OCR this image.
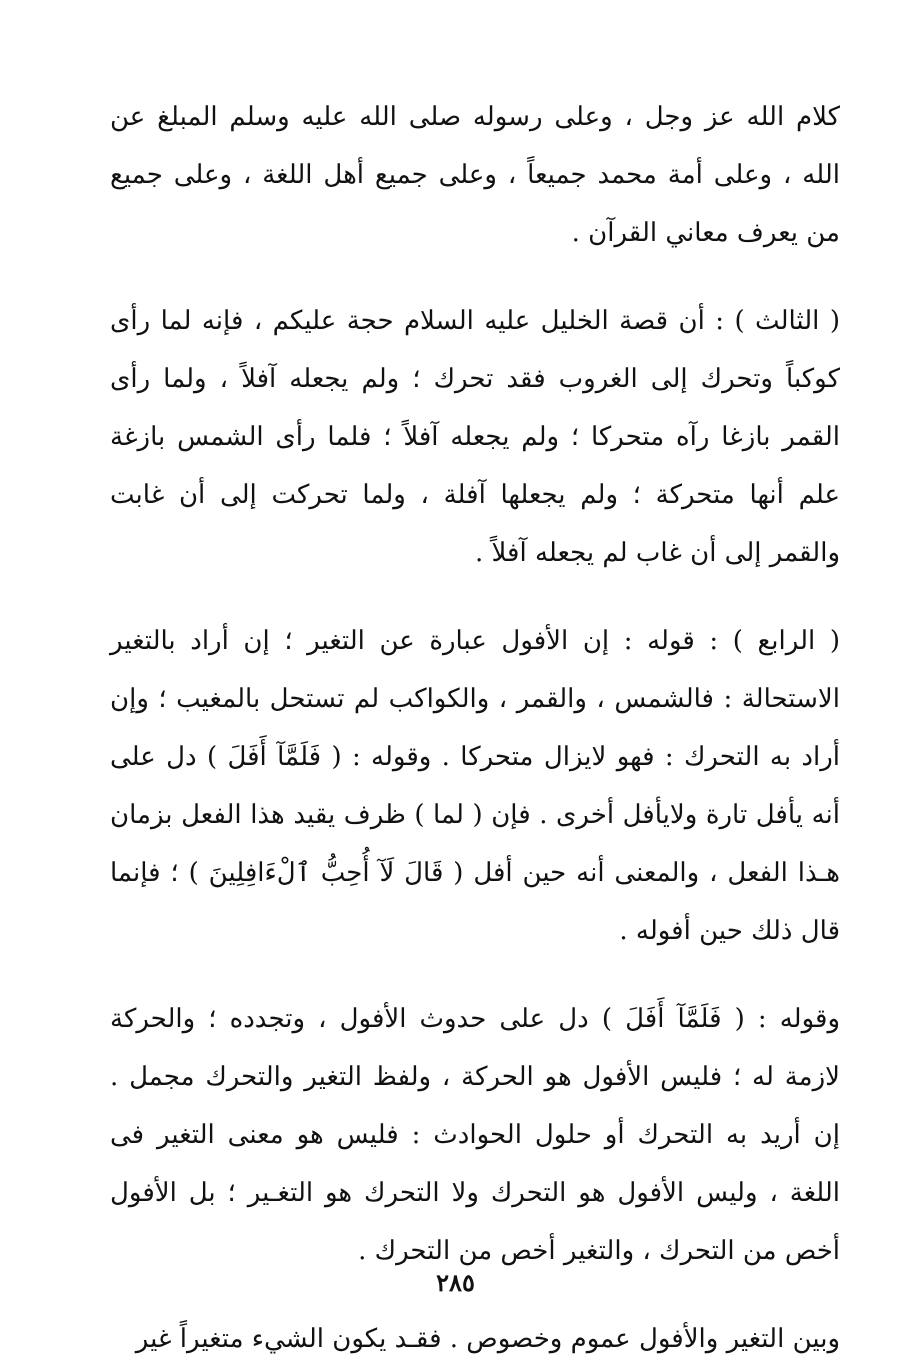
كلام الله عز وجل ، وعلى رسوله صلى الله عليه وسلم المبلغ عن الله ، وعلى أمة محمد جميعاً ، وعلى جميع أهل اللغة ، وعلى جميع من يعرف معاني القرآن .

( الثالث ) : أن قصة الخليل عليه السلام حجة عليكم ، فإنه لما رأى كوكباً وتحرك إلى الغروب فقد تحرك ؛ ولم يجعله آفلاً ، ولما رأى القمر بازغا رآه متحركا ؛ ولم يجعله آفلاً ؛ فلما رأى الشمس بازغة علم أنها متحركة ؛ ولم يجعلها آفلة ، ولما تحركت إلى أن غابت والقمر إلى أن غاب لم يجعله آفلاً .

( الرابع ) : قوله : إن الأفول عبارة عن التغير ؛ إن أراد بالتغير الاستحالة : فالشمس ، والقمر ، والكواكب لم تستحل بالمغيب ؛ وإن أراد به التحرك : فهو لايزال متحركا . وقوله : ( فَلَمَّآ أَفَلَ ) دل على أنه يأفل تارة ولايأفل أخرى . فإن ( لما ) ظرف يقيد هذا الفعل بزمان هـذا الفعل ، والمعنى أنه حين أفل ( قَالَ لَآ أُحِبُّ ٱلْءَافِلِينَ ) ؛ فإنما قال ذلك حين أفوله .

وقوله : ( فَلَمَّآ أَفَلَ ) دل على حدوث الأفول ، وتجدده ؛ والحركة لازمة له ؛ فليس الأفول هو الحركة ، ولفظ التغير والتحرك مجمل . إن أريد به التحرك أو حلول الحوادث : فليس هو معنى التغير فى اللغة ، وليس الأفول هو التحرك ولا التحرك هو التغـير ؛ بل الأفول أخص من التحرك ، والتغير أخص من التحرك .

وبين التغير والأفول عموم وخصوص . فقـد يكون الشيء متغيراً غير

٢٨٥
